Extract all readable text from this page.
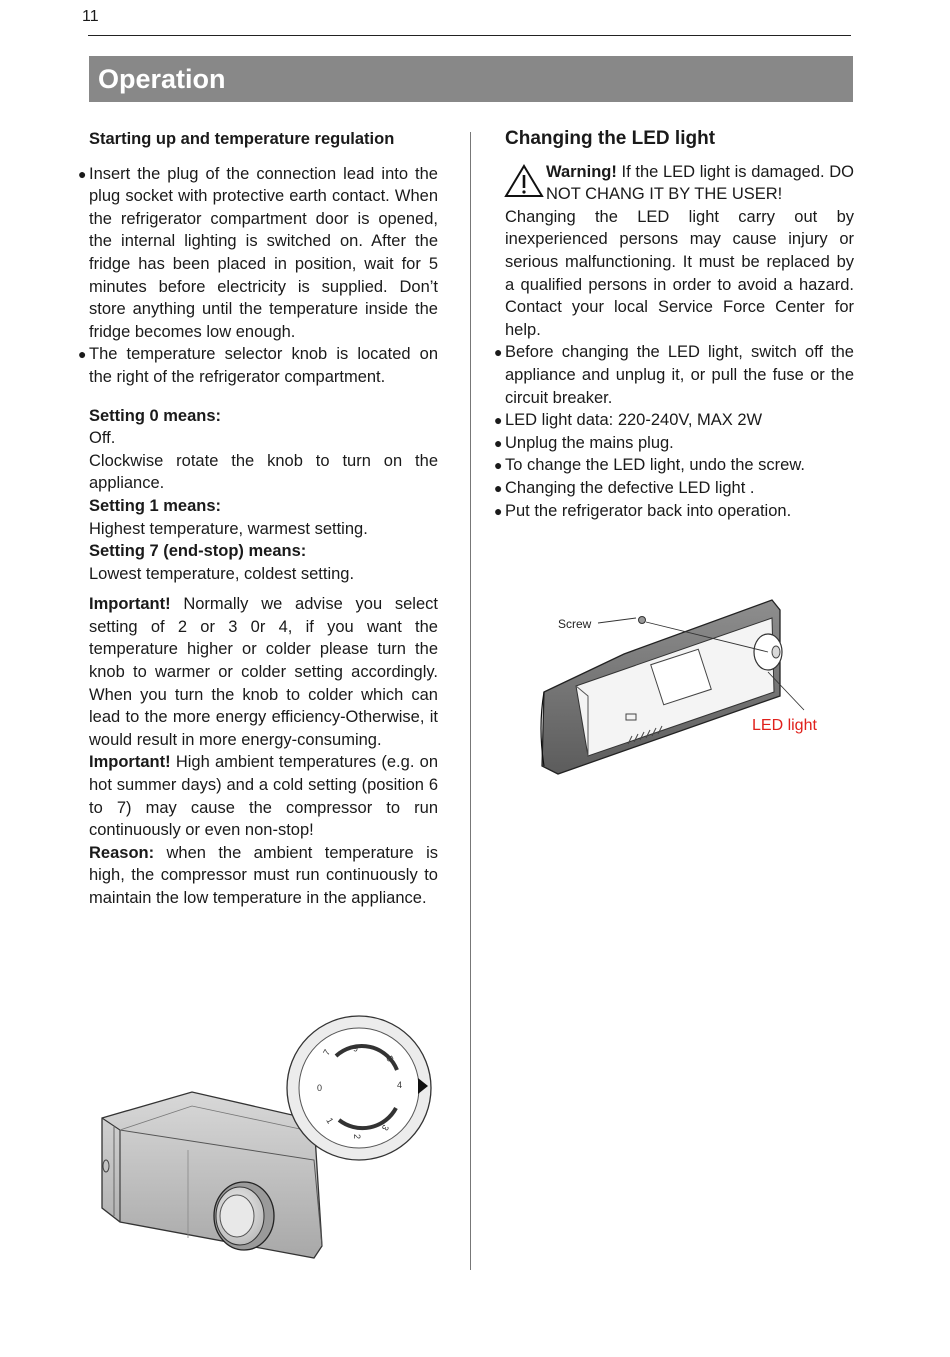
11
Operation
Starting up and temperature regulation
● Insert the plug of the connection lead into the plug socket with protective earth contact. When the refrigerator compartment door is opened, the internal lighting is switched on. After the fridge has been placed in position, wait for 5 minutes before electricity is supplied. Don’t store anything until the temperature inside the fridge becomes low enough.
● The temperature selector knob is located on the right of the refrigerator compartment.
Setting 0 means:
Off.
Clockwise rotate the knob to turn on the appliance.
Setting 1 means:
Highest temperature, warmest setting.
Setting 7 (end-stop) means:
Lowest temperature, coldest setting.
Important! Normally we advise you select setting of 2 or 3 0r 4, if you want the temperature higher or colder please turn the knob to warmer or colder setting accordingly. When you turn the knob to colder which can lead to the more energy efficiency-Otherwise, it would result in more energy-consuming.
Important! High ambient temperatures (e.g. on hot summer days) and a cold setting (position 6 to 7) may cause the compressor to run continuously or even non-stop!
Reason: when the ambient temperature is high, the compressor must run continuously to maintain the low temperature in the appliance.
0
1
2
3
4
5
6
7
Changing the LED light
Warning! If the LED light is damaged. DO NOT CHANG IT BY THE USER!
Changing the LED light carry out by inexperienced persons may cause injury or serious malfunctioning. It must be replaced by a qualified persons in order to avoid a hazard. Contact your local Service Force Center for help.
● Before changing the LED light, switch off the appliance and unplug it, or pull the fuse or the circuit breaker.
● LED light data: 220-240V, MAX 2W
● Unplug the mains plug.
● To change the LED light, undo the screw.
● Changing the defective LED light .
● Put the refrigerator back into operation.
Screw
LED light
